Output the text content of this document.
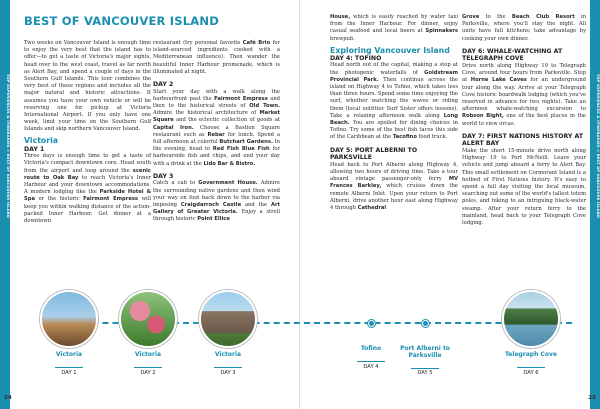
TOP EXPERIENCES & ITINERARIES > BEST OF VANCOUVER ISLAND
BEST OF VANCOUVER ISLAND

Two weeks on Vancouver Island is enough time to enjoy the very best that the island has to offer—to get a taste of Victoria's major sights, head over to the west coast, travel as far north as Alert Bay, and spend a couple of days in the Southern Gulf Islands. This tour combines the very best of these regions and includes all the major natural and historic attractions. It assumes you have your own vehicle or will be reserving one for pickup at Victoria International Airport. If you only have one week, limit your time on the Southern Gulf Islands and skip northern Vancouver Island.

Victoria
DAY 1

Three days is enough time to get a taste of Victoria's compact downtown core. Head south from the airport and loop around the scenic route to Oak Bay to reach Victoria's Inner Harbour and your downtown accommodations. A modern lodging like the Parkside Hotel & Spa or the historic Fairmont Empress will keep you within walking distance of the action-packed Inner Harbour. Get dinner at a downtown

restaurant (try personal favorite Café Brio for island-sourced ingredients cooked with a Mediterranean influence). Then wander the beautiful Inner Harbour promenade, which is illuminated at night.

DAY 2

Start your day with a walk along the harbourfront past the Fairmont Empress and then to the historical streets of Old Town. Admire the historical architecture of Market Square and the eclectic collection of goods at Capital Iron. Choose a Bastion Square restaurant such as Rebar for lunch. Spend a full afternoon at colorful Butchart Gardens. In the evening, head to Red Fish Blue Fish for harbourside fish and chips, and end your day with a drink at the Lido Bar & Bistro.

DAY 3

Catch a cab to Government House. Admire the surrounding native gardens and then wind your way on foot back down to the harbor via imposing Craigdarroch Castle and the Art Gallery of Greater Victoria. Enjoy a stroll through historic Point Ellice

24

House, which is easily reached by water taxi from the Inner Harbour. For dinner, enjoy casual seafood and local beers at Spinnakers brewpub.

Exploring Vancouver Island
DAY 4: TOFINO

Head north out of the capital, making a stop at the photogenic waterfalls of Goldstream Provincial Park. Then continue across the island on Highway 4 to Tofino, which takes less than three hours. Spend some time enjoying the surf, whether watching the waves or riding them (local outfitter Surf Sister offers lessons). Take a relaxing afternoon walk along Long Beach. You are spoiled for dining choices in Tofino. Try some of the best fish tacos this side of the Caribbean at the Tacofino food truck.

DAY 5: PORT ALBERNI TO PARKSVILLE

Head back to Port Alberni along Highway 4, allowing two hours of driving time. Take a tour aboard vintage passenger-only ferry MV Frances Barkley, which cruises down the remote Alberni Inlet. Upon your return to Port Alberni, drive another hour east along Highway 4 through Cathedral

Grove to the Beach Club Resort in Parksville, where you'll stay the night. All units have full kitchens; take advantage by cooking your own dinner.

DAY 6: WHALE-WATCHING AT TELEGRAPH COVE

Drive north along Highway 19 to Telegraph Cove, around four hours from Parksville. Stop at Horne Lake Caves for an underground tour along the way. Arrive at your Telegraph Cove historic boardwalk lodging (which you've reserved in advance for two nights). Take an afternoon whale-watching excursion to Robson Bight, one of the best places in the world to view orcas.

DAY 7: FIRST NATIONS HISTORY AT ALERT BAY

Make the short 15-minute drive north along Highway 19 to Port McNeill. Leave your vehicle and jump aboard a ferry to Alert Bay. This small settlement on Cormorant Island is a hotbed of First Nations history. It's easy to spend a full day visiting the local museum, searching out some of the world's tallest totem poles, and hiking to an intriguing black-water swamp. After your return ferry to the mainland, head back to your Telegraph Cove lodging.

25
TOP EXPERIENCES & ITINERARIES > BEST OF VANCOUVER ISLAND
Victoria
DAY 1
Victoria
DAY 2
Victoria
DAY 3
Tofino
DAY 4
Port Alberni to Parksville
DAY 5
Telegraph Cove
DAY 6
